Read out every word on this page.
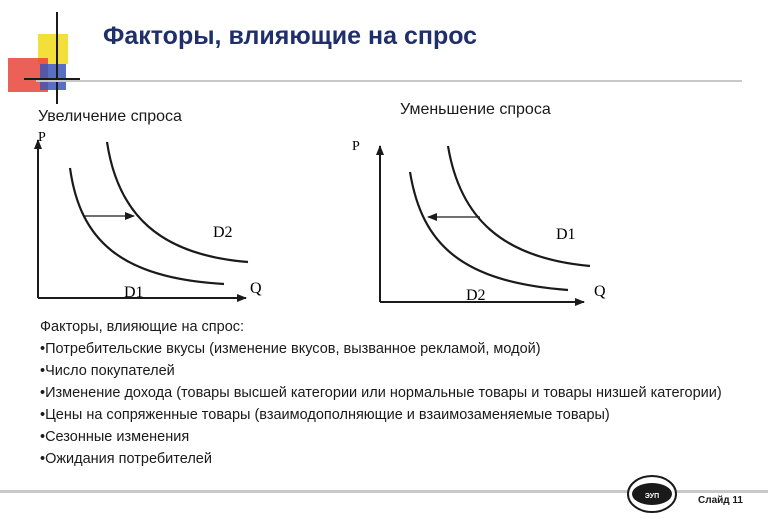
Факторы, влияющие на спрос
Увеличение спроса
P
Q
D1
D2
P
Q
D1
D2
Уменьшение спроса
Факторы, влияющие на спрос:
•Потребительские вкусы (изменение вкусов, вызванное рекламой, модой)
•Число покупателей
•Изменение дохода (товары высшей категории или нормальные товары и товары низшей категории)
•Цены на сопряженные товары (взаимодополняющие и взаимозаменяемые товары)
•Сезонные изменения
•Ожидания потребителей
ЭУП	Слайд 11
